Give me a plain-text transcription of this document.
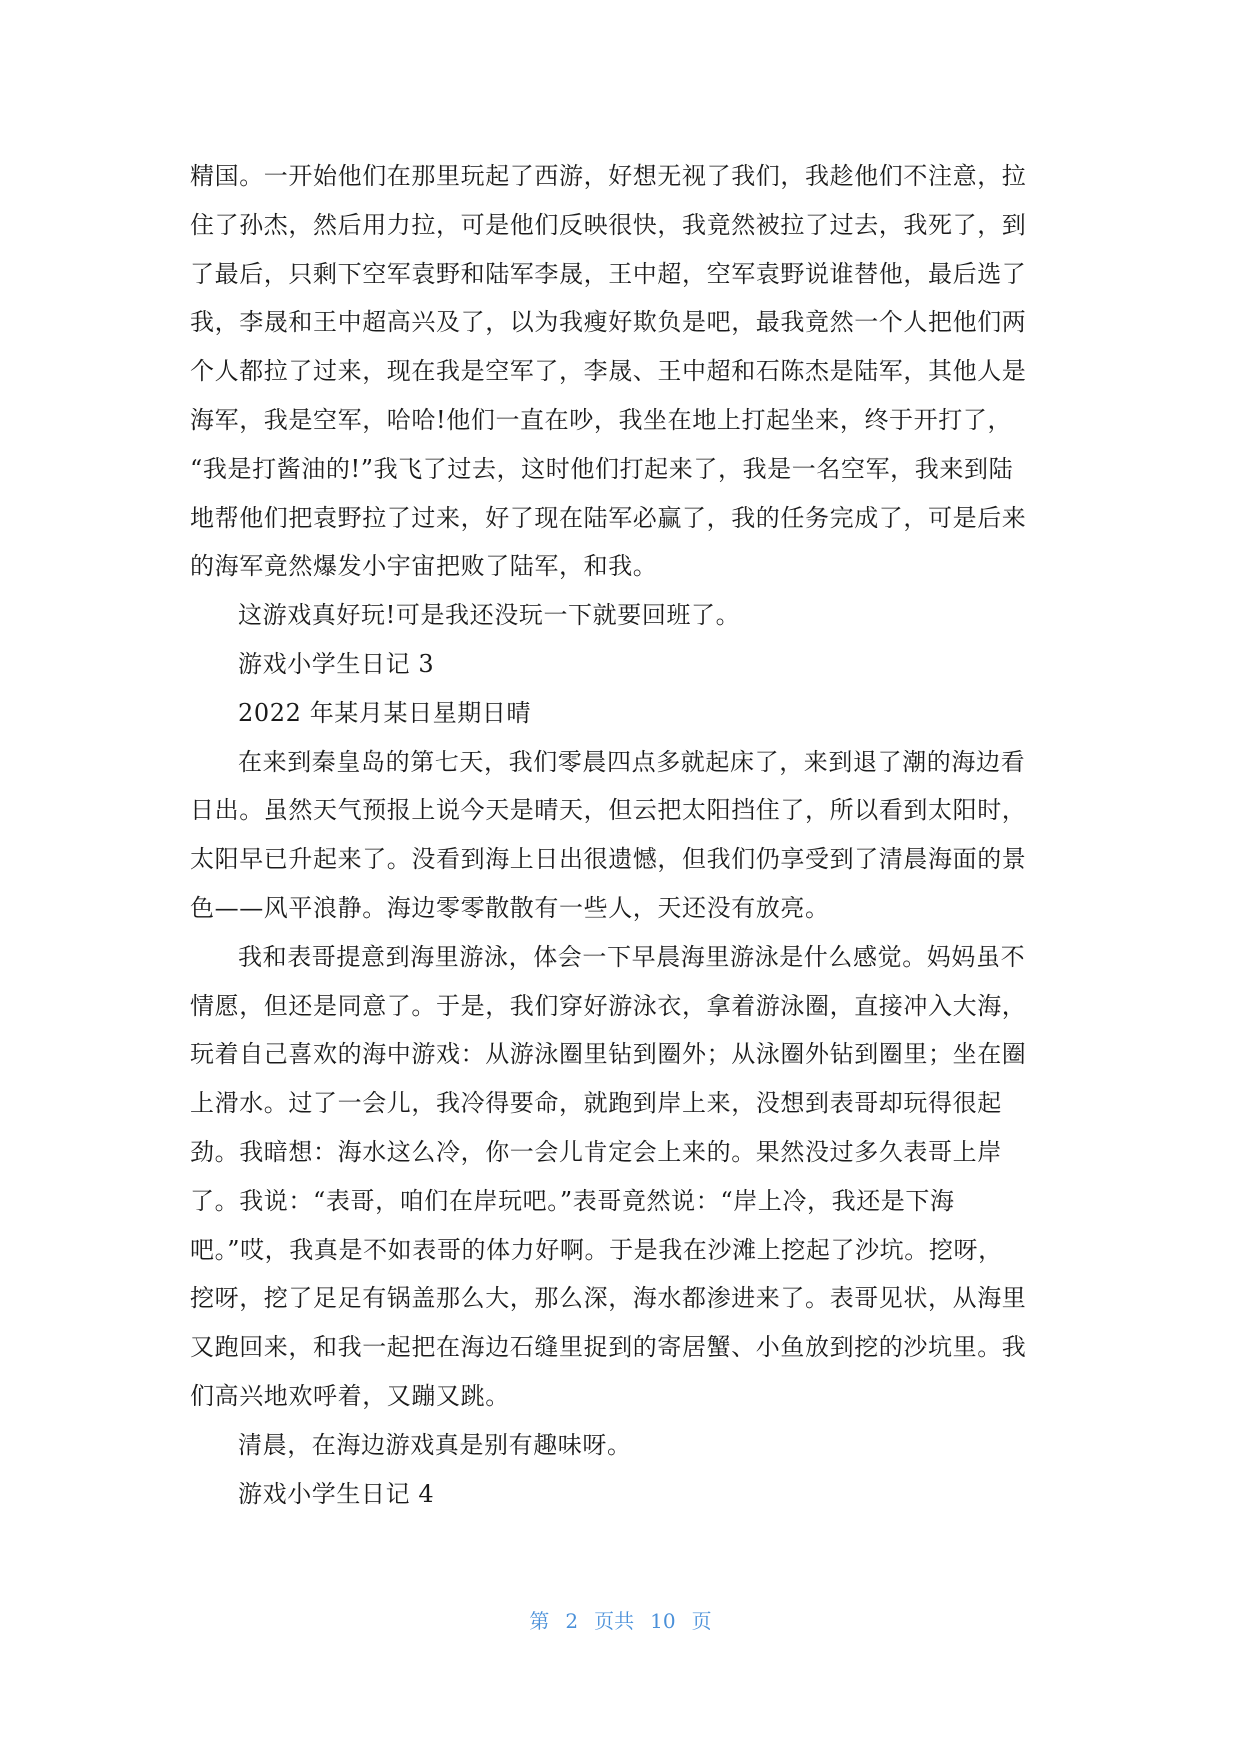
精国。一开始他们在那里玩起了西游，好想无视了我们，我趁他们不注意，拉
住了孙杰，然后用力拉，可是他们反映很快，我竟然被拉了过去，我死了，到
了最后，只剩下空军袁野和陆军李晟，王中超，空军袁野说谁替他，最后选了
我，李晟和王中超高兴及了，以为我瘦好欺负是吧，最我竟然一个人把他们两
个人都拉了过来，现在我是空军了，李晟、王中超和石陈杰是陆军，其他人是
海军，我是空军，哈哈!他们一直在吵，我坐在地上打起坐来，终于开打了，
“我是打酱油的!”我飞了过去，这时他们打起来了，我是一名空军，我来到陆
地帮他们把袁野拉了过来，好了现在陆军必赢了，我的任务完成了，可是后来
的海军竟然爆发小宇宙把败了陆军，和我。
这游戏真好玩!可是我还没玩一下就要回班了。
游戏小学生日记 3
2022 年某月某日星期日晴
在来到秦皇岛的第七天，我们零晨四点多就起床了，来到退了潮的海边看
日出。虽然天气预报上说今天是晴天，但云把太阳挡住了，所以看到太阳时，
太阳早已升起来了。没看到海上日出很遗憾，但我们仍享受到了清晨海面的景
色——风平浪静。海边零零散散有一些人，天还没有放亮。
我和表哥提意到海里游泳，体会一下早晨海里游泳是什么感觉。妈妈虽不
情愿，但还是同意了。于是，我们穿好游泳衣，拿着游泳圈，直接冲入大海，
玩着自己喜欢的海中游戏：从游泳圈里钻到圈外；从泳圈外钻到圈里；坐在圈
上滑水。过了一会儿，我冷得要命，就跑到岸上来，没想到表哥却玩得很起
劲。我暗想：海水这么冷，你一会儿肯定会上来的。果然没过多久表哥上岸
了。我说：“表哥，咱们在岸玩吧。”表哥竟然说：“岸上冷，我还是下海
吧。”哎，我真是不如表哥的体力好啊。于是我在沙滩上挖起了沙坑。挖呀，
挖呀，挖了足足有锅盖那么大，那么深，海水都渗进来了。表哥见状，从海里
又跑回来，和我一起把在海边石缝里捉到的寄居蟹、小鱼放到挖的沙坑里。我
们高兴地欢呼着，又蹦又跳。
清晨，在海边游戏真是别有趣味呀。
游戏小学生日记 4
第 2 页共 10 页
